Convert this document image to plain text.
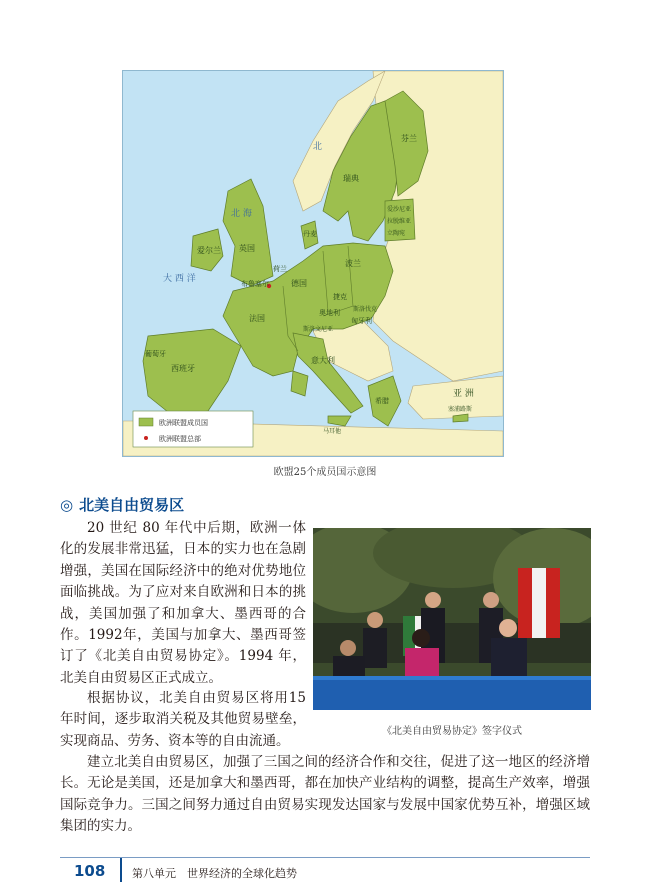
北
北 海
大 西 洋
爱尔兰 英国
丹麦
荷兰
布鲁塞尔	德国
波兰
法国
捷克
斯洛伐克
奥地利
匈牙利
斯洛文尼亚
西班牙
葡萄牙
意大利
瑞典
芬兰
爱沙尼亚
拉脱维亚
立陶宛
希腊
马耳他
塞浦路斯
亚 洲
欧洲联盟成员国
欧洲联盟总部
欧盟25个成员国示意图
◎ 北美自由贸易区

20 世纪 80 年代中后期，欧洲一体化的发展非常迅猛，日本的实力也在急剧增强，美国在国际经济中的绝对优势地位面临挑战。为了应对来自欧洲和日本的挑战，美国加强了和加拿大、墨西哥的合作。1992年，美国与加拿大、墨西哥签订了《北美自由贸易协定》。1994 年，北美自由贸易区正式成立。

根据协议，北美自由贸易区将用15年时间，逐步取消关税及其他贸易壁垒，实现商品、劳务、资本等的自由流通。

建立北美自由贸易区，加强了三国之间的经济合作和交往，促进了这一地区的经济增长。无论是美国，还是加拿大和墨西哥，都在加快产业结构的调整，提高生产效率，增强国际竞争力。三国之间努力通过自由贸易实现发达国家与发展中国家优势互补，增强区域集团的实力。

《北美自由贸易协定》签字仪式
108 第八单元　世界经济的全球化趋势
